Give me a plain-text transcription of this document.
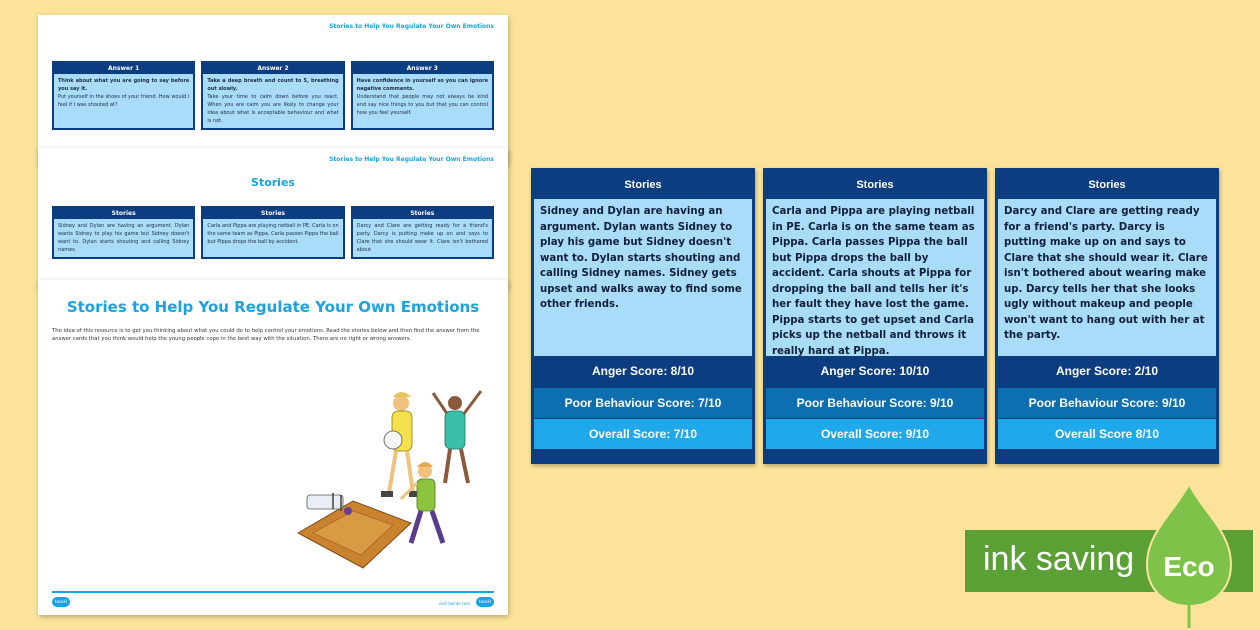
Stories to Help You Regulate Your Own Emotions
Answer 1
Think about what you are going to say before you say it.
Put yourself in the shoes of your friend. How would I feel if I was shouted at?
Answer 2
Take a deep breath and count to 5, breathing out slowly.
Take your time to calm down before you react. When you are calm you are likely to change your idea about what is acceptable behaviour and what is not.
Answer 3
Have confidence in yourself so you can ignore negative comments.
Understand that people may not always be kind and say nice things to you but that you can control how you feel yourself.
Stories to Help You Regulate Your Own Emotions
Stories
Stories
Sidney and Dylan are having an argument. Dylan wants Sidney to play his game but Sidney doesn't want to. Dylan starts shouting and calling Sidney names.
Stories
Carla and Pippa are playing netball in PE. Carla is on the same team as Pippa. Carla passes Pippa the ball but Pippa drops the ball by accident.
Stories
Darcy and Clare are getting ready for a friend's party. Darcy is putting make up on and says to Clare that she should wear it. Clare isn't bothered about
Stories to Help You Regulate Your Own Emotions
The idea of this resource is to get you thinking about what you could do to help control your emotions. Read the stories below and then find the answer from the answer cards that you think would help the young people cope in the best way with the situation. There are no right or wrong answers.
twinkl	visit twinkl.com	twinkl
Stories
Sidney and Dylan are having an argument. Dylan wants Sidney to play his game but Sidney doesn't want to. Dylan starts shouting and calling Sidney names. Sidney gets upset and walks away to find some other friends.
Anger Score: 8/10
Poor Behaviour Score: 7/10
Overall Score: 7/10
Stories
Carla and Pippa are playing netball in PE. Carla is on the same team as Pippa. Carla passes Pippa the ball but Pippa drops the ball by accident. Carla shouts at Pippa for dropping the ball and tells her it's her fault they have lost the game. Pippa starts to get upset and Carla picks up the netball and throws it really hard at Pippa.
Anger Score: 10/10
Poor Behaviour Score: 9/10
Overall Score: 9/10
Stories
Darcy and Clare are getting ready for a friend's party. Darcy is putting make up on and says to Clare that she should wear it. Clare isn't bothered about wearing make up. Darcy tells her that she looks ugly without makeup and people won't want to hang out with her at the party.
Anger Score: 2/10
Poor Behaviour Score: 9/10
Overall Score 8/10
ink saving Eco
